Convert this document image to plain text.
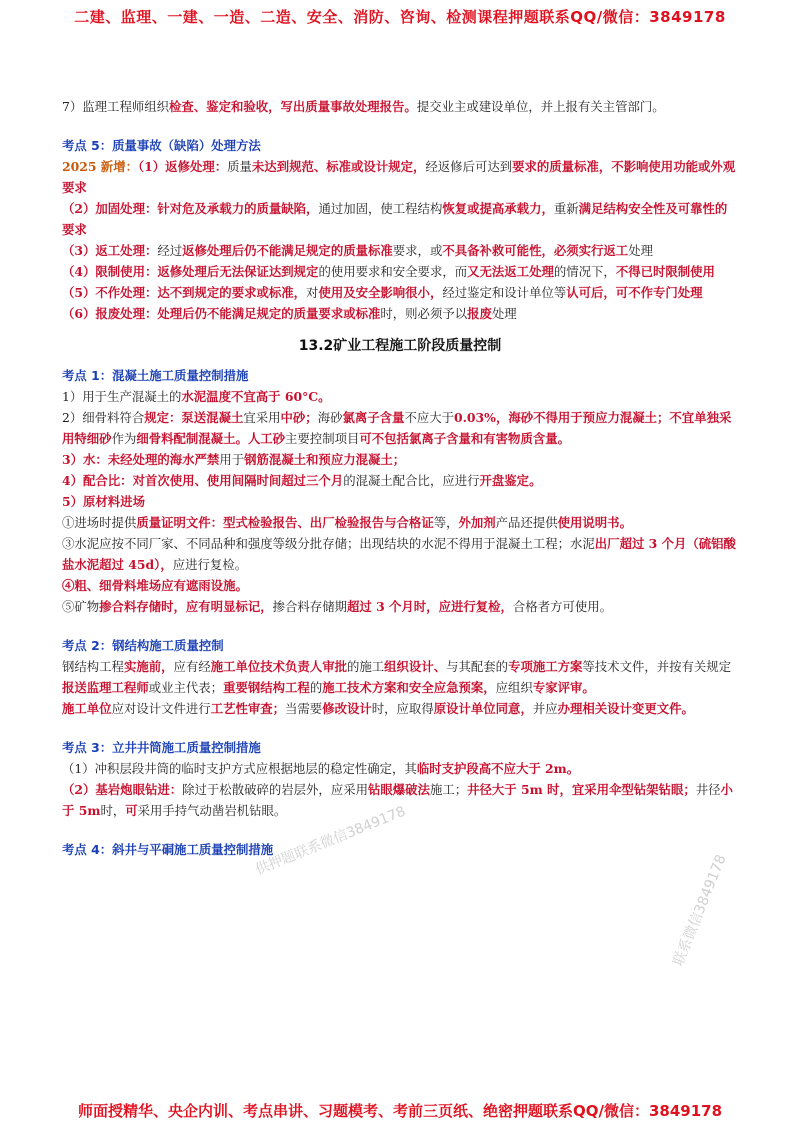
二建、监理、一建、一造、二造、安全、消防、咨询、检测课程押题联系QQ/微信：3849178

7）监理工程师组织检查、鉴定和验收，写出质量事故处理报告。提交业主或建设单位，并上报有关主管部门。

考点 5：质量事故（缺陷）处理方法

2025 新增：（1）返修处理：质量未达到规范、标准或设计规定，经返修后可达到要求的质量标准，不影响使用功能或外观要求

（2）加固处理：针对危及承载力的质量缺陷，通过加固，使工程结构恢复或提高承载力，重新满足结构安全性及可靠性的要求

（3）返工处理：经过返修处理后仍不能满足规定的质量标准要求，或不具备补救可能性，必须实行返工处理

（4）限制使用：返修处理后无法保证达到规定的使用要求和安全要求，而又无法返工处理的情况下，不得已时限制使用

（5）不作处理：达不到规定的要求或标准，对使用及安全影响很小，经过鉴定和设计单位等认可后，可不作专门处理

（6）报废处理：处理后仍不能满足规定的质量要求或标准时，则必须予以报废处理

13.2矿业工程施工阶段质量控制

考点 1：混凝土施工质量控制措施

1）用于生产混凝土的水泥温度不宜高于 60°C。

2）细骨料符合规定：泵送混凝土宜采用中砂；海砂氯离子含量不应大于0.03%，海砂不得用于预应力混凝土；不宜单独采用特细砂作为细骨料配制混凝土。人工砂主要控制项目可不包括氯离子含量和有害物质含量。

3）水：未经处理的海水严禁用于钢筋混凝土和预应力混凝土；

4）配合比：对首次使用、使用间隔时间超过三个月的混凝土配合比，应进行开盘鉴定。

5）原材料进场

①进场时提供质量证明文件：型式检验报告、出厂检验报告与合格证等，外加剂产品还提供使用说明书。

③水泥应按不同厂家、不同品种和强度等级分批存储；出现结块的水泥不得用于混凝土工程；水泥出厂超过 3 个月（硫铝酸盐水泥超过 45d），应进行复检。

④粗、细骨料堆场应有遮雨设施。

⑤矿物掺合料存储时，应有明显标记，掺合料存储期超过 3 个月时，应进行复检，合格者方可使用。

考点 2：钢结构施工质量控制

钢结构工程实施前，应有经施工单位技术负责人审批的施工组织设计、与其配套的专项施工方案等技术文件，并按有关规定报送监理工程师或业主代表；重要钢结构工程的施工技术方案和安全应急预案，应组织专家评审。

施工单位应对设计文件进行工艺性审查；当需要修改设计时，应取得原设计单位同意，并应办理相关设计变更文件。

考点 3：立井井筒施工质量控制措施

（1）冲积层段井筒的临时支护方式应根据地层的稳定性确定，其临时支护段高不应大于 2m。

（2）基岩炮眼钻进：除过于松散破碎的岩层外，应采用钻眼爆破法施工；井径大于 5m 时，宜采用伞型钻架钻眼；井径小于 5m时，可采用手持气动凿岩机钻眼。

考点 4：斜井与平硐施工质量控制措施

供押题联系微信3849178
联系微信3849178
师面授精华、央企内训、考点串讲、习题模考、考前三页纸、绝密押题联系QQ/微信：3849178
